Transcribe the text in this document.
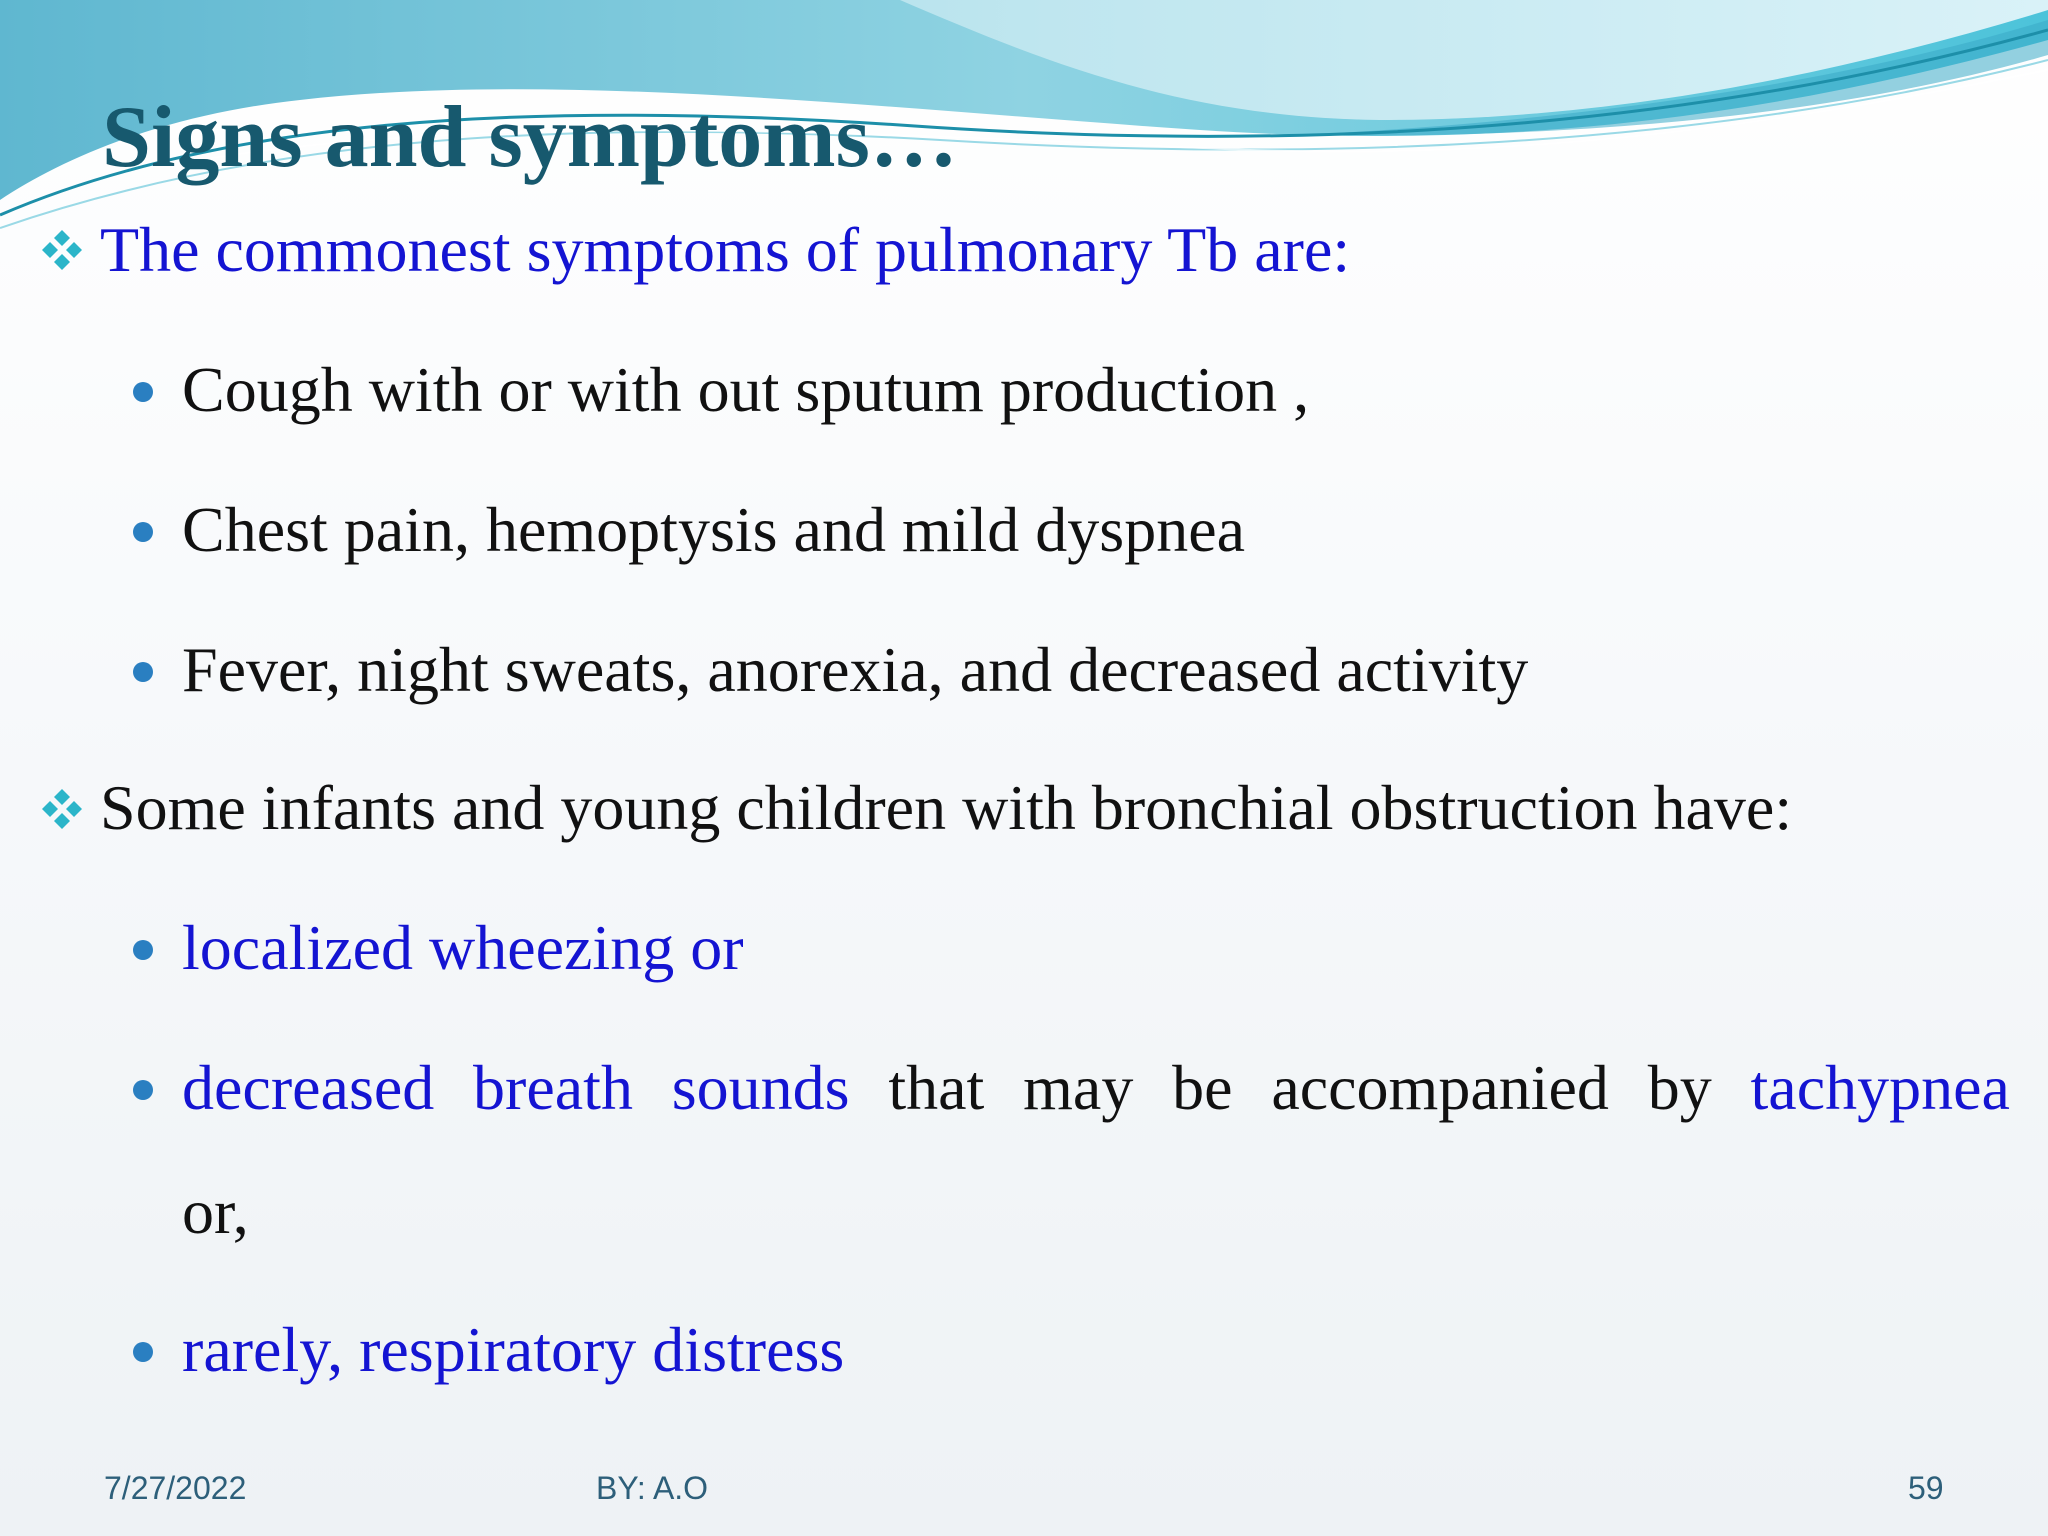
Signs and symptoms…
The commonest symptoms of pulmonary Tb are:
Cough with or with out sputum production ,
Chest pain, hemoptysis and mild dyspnea
Fever, night sweats, anorexia, and decreased activity
Some infants and young children with bronchial obstruction have:
localized wheezing or
decreased breath sounds that may be accompanied by tachypnea
or,
rarely, respiratory distress
7/27/2022	BY: A.O	59
